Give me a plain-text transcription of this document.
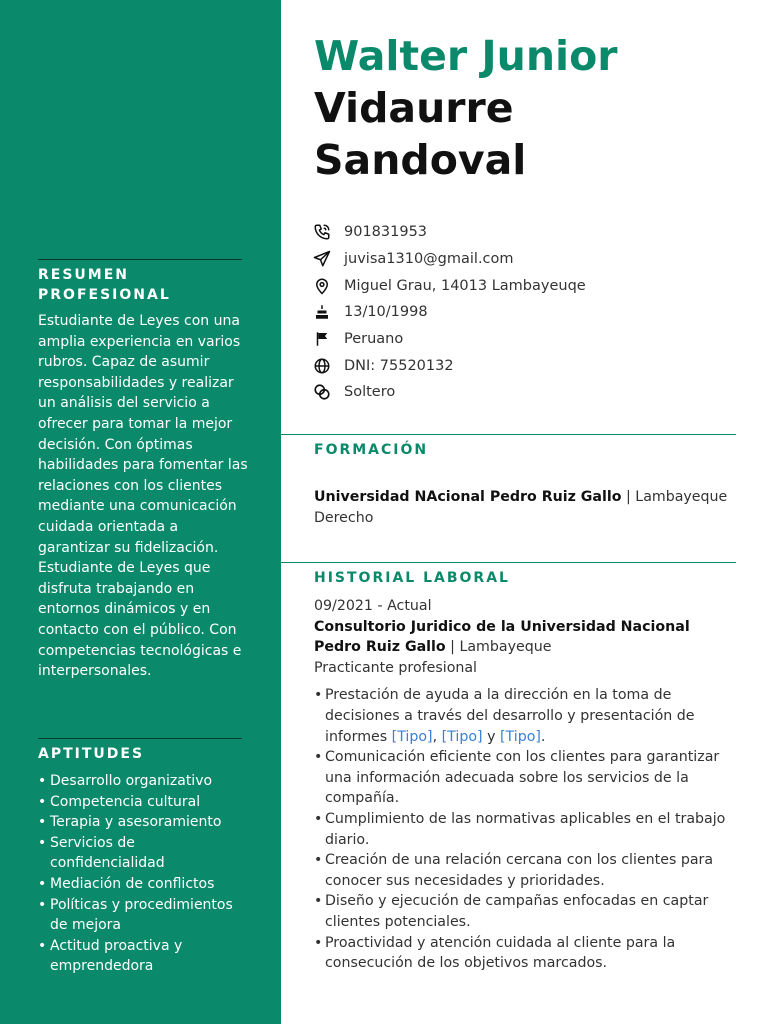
RESUMEN
PROFESIONAL

Estudiante de Leyes con una amplia experiencia en varios rubros. Capaz de asumir responsabilidades y realizar un análisis del servicio a ofrecer para tomar la mejor decisión. Con óptimas habilidades para fomentar las relaciones con los clientes mediante una comunicación cuidada orientada a garantizar su fidelización.

Estudiante de Leyes que disfruta trabajando en entornos dinámicos y en contacto con el público. Con competencias tecnológicas e interpersonales.

APTITUDES
• Desarrollo organizativo
• Competencia cultural
• Terapia y asesoramiento
• Servicios de confidencialidad
• Mediación de conflictos
• Políticas y procedimientos de mejora
• Actitud proactiva y emprendedora
Walter Junior
Vidaurre
Sandoval
901831953
juvisa1310@gmail.com
Miguel Grau, 14013 Lambayeuqe
13/10/1998
Peruano
DNI: 75520132
Soltero
FORMACIÓN
Universidad NAcional Pedro Ruiz Gallo | Lambayeque
Derecho
HISTORIAL LABORAL

09/2021 - Actual

Consultorio Juridico de la Universidad Nacional Pedro Ruiz Gallo | Lambayeque

Practicante profesional

• Prestación de ayuda a la dirección en la toma de decisiones a través del desarrollo y presentación de informes [Tipo], [Tipo] y [Tipo].
• Comunicación eficiente con los clientes para garantizar una información adecuada sobre los servicios de la compañía.
• Cumplimiento de las normativas aplicables en el trabajo diario.
• Creación de una relación cercana con los clientes para conocer sus necesidades y prioridades.
• Diseño y ejecución de campañas enfocadas en captar clientes potenciales.
• Proactividad y atención cuidada al cliente para la consecución de los objetivos marcados.
